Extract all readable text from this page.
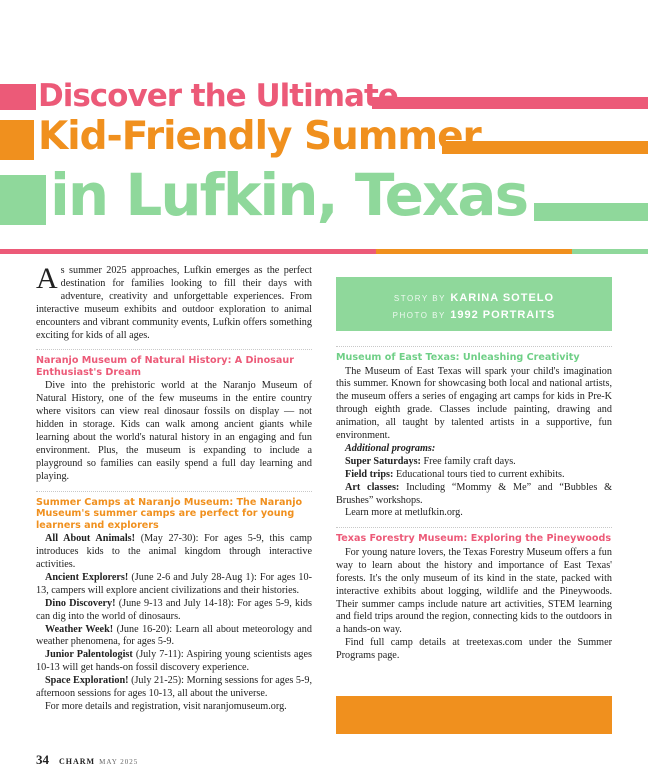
Discover the Ultimate
Kid-Friendly Summer
in Lufkin, Texas

As summer 2025 approaches, Lufkin emerges as the perfect destination for families looking to fill their days with adventure, creativity and unforgettable experiences. From interactive museum exhibits and outdoor exploration to animal encounters and vibrant community events, Lufkin offers something exciting for kids of all ages.

Naranjo Museum of Natural History: A Dinosaur Enthusiast's Dream

Dive into the prehistoric world at the Naranjo Museum of Natural History, one of the few museums in the entire country where visitors can view real dinosaur fossils on display — not hidden in storage. Kids can walk among ancient giants while learning about the world's natural history in an engaging and fun environment. Plus, the museum is expanding to include a playground so families can easily spend a full day learning and playing.

Summer Camps at Naranjo Museum: The Naranjo Museum's summer camps are perfect for young learners and explorers

All About Animals! (May 27-30): For ages 5-9, this camp introduces kids to the animal kingdom through interactive activities.

Ancient Explorers! (June 2-6 and July 28-Aug 1): For ages 10-13, campers will explore ancient civilizations and their histories.

Dino Discovery! (June 9-13 and July 14-18): For ages 5-9, kids can dig into the world of dinosaurs.

Weather Week! (June 16-20): Learn all about meteorology and weather phenomena, for ages 5-9.

Junior Palentologist (July 7-11): Aspiring young scientists ages 10-13 will get hands-on fossil discovery experience.

Space Exploration! (July 21-25): Morning sessions for ages 5-9, afternoon sessions for ages 10-13, all about the universe.

For more details and registration, visit naranjomuseum.org.

STORY BY KARINA SOTELO
PHOTO BY 1992 PORTRAITS
Museum of East Texas: Unleashing Creativity

The Museum of East Texas will spark your child's imagination this summer. Known for showcasing both local and national artists, the museum offers a series of engaging art camps for kids in Pre-K through eighth grade. Classes include painting, drawing and animation, all taught by talented artists in a supportive, fun environment.

Additional programs:

Super Saturdays: Free family craft days.

Field trips: Educational tours tied to current exhibits.

Art classes: Including “Mommy & Me” and “Bubbles & Brushes” workshops.

Learn more at metlufkin.org.

Texas Forestry Museum: Exploring the Pineywoods

For young nature lovers, the Texas Forestry Museum offers a fun way to learn about the history and importance of East Texas' forests. It's the only museum of its kind in the state, packed with interactive exhibits about logging, wildlife and the Pineywoods. Their summer camps include nature art activities, STEM learning and field trips around the region, connecting kids to the outdoors in a hands-on way.

Find full camp details at treetexas.com under the Summer Programs page.

34 CHARM MAY 2025
